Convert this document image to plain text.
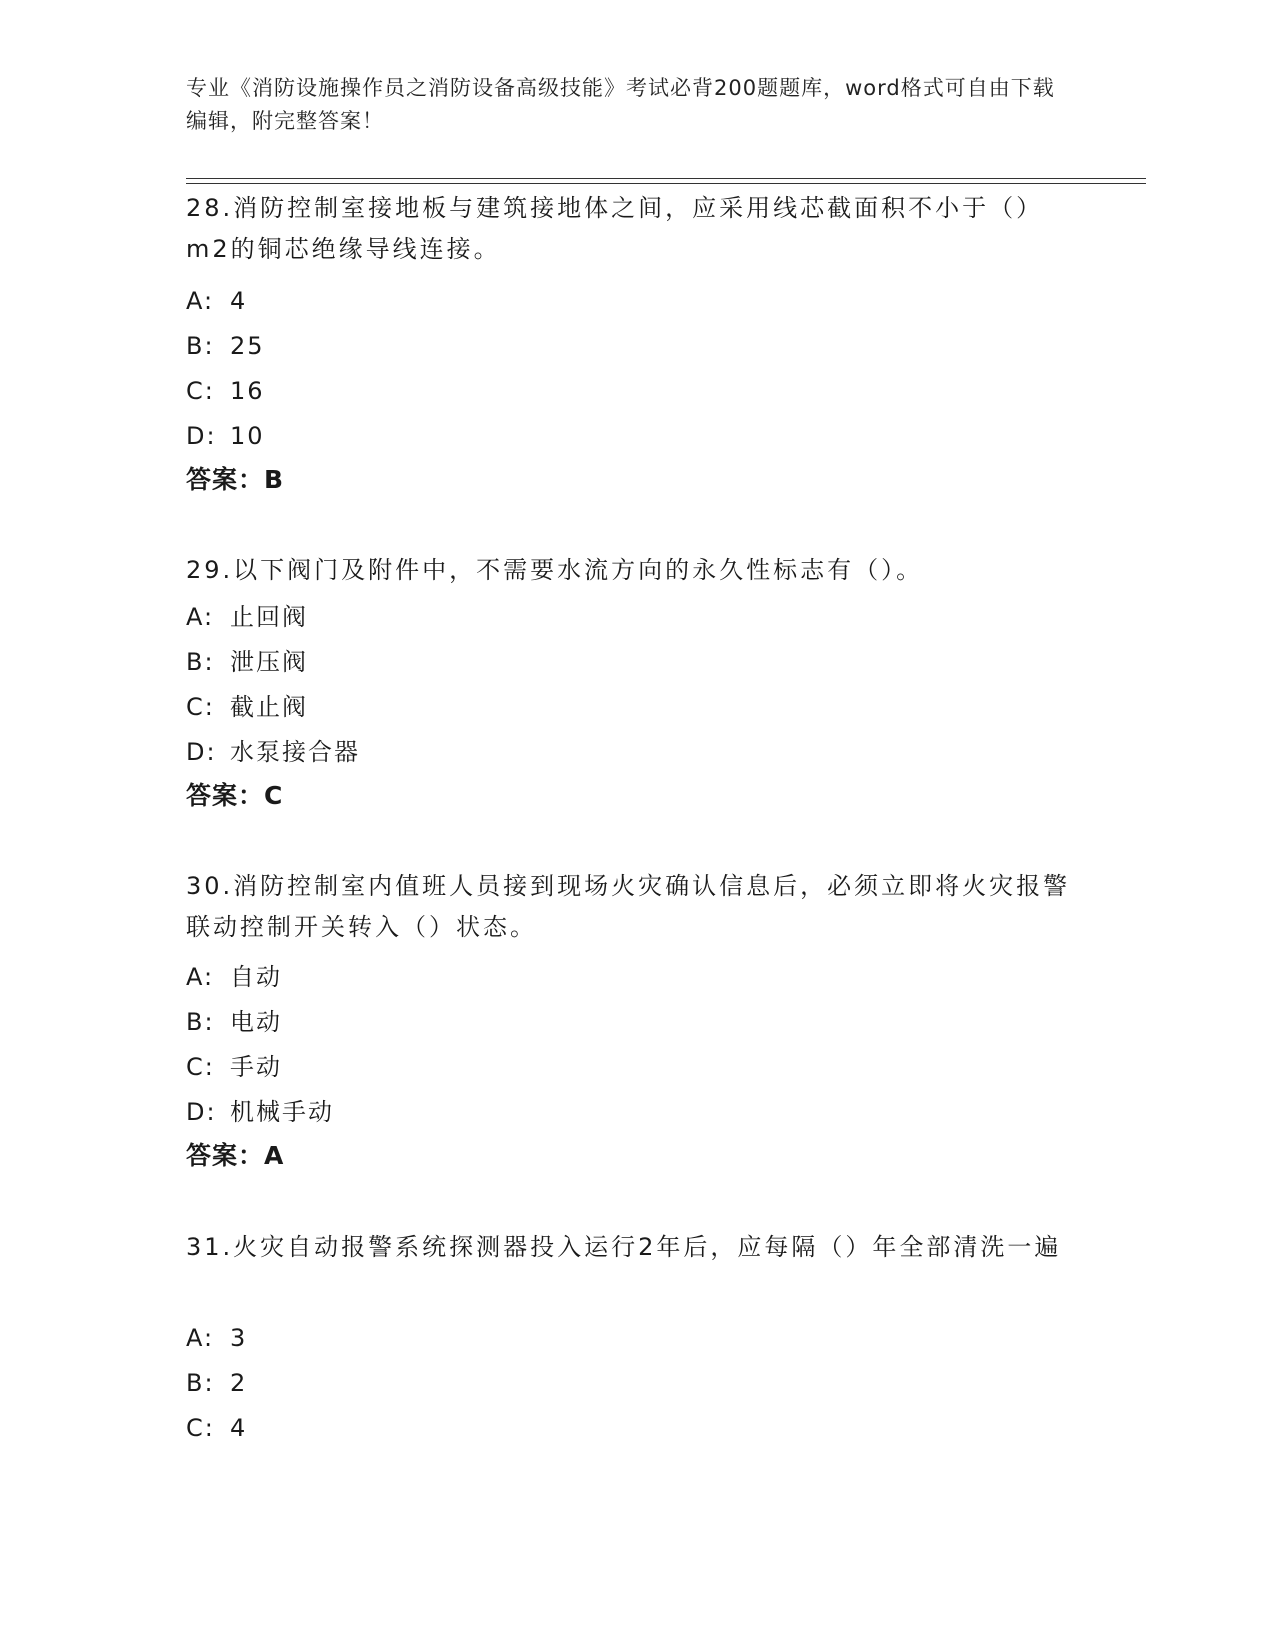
专业《消防设施操作员之消防设备高级技能》考试必背200题题库，word格式可自由下载编辑，附完整答案！
28.消防控制室接地板与建筑接地体之间，应采用线芯截面积不小于（）m2的铜芯绝缘导线连接。
A: 4
B: 25
C: 16
D: 10
答案：B
29.以下阀门及附件中，不需要水流方向的永久性标志有（）。
A: 止回阀
B: 泄压阀
C: 截止阀
D: 水泵接合器
答案：C
30.消防控制室内值班人员接到现场火灾确认信息后，必须立即将火灾报警联动控制开关转入（）状态。
A: 自动
B: 电动
C: 手动
D: 机械手动
答案：A
31.火灾自动报警系统探测器投入运行2年后，应每隔（）年全部清洗一遍
A: 3
B: 2
C: 4
